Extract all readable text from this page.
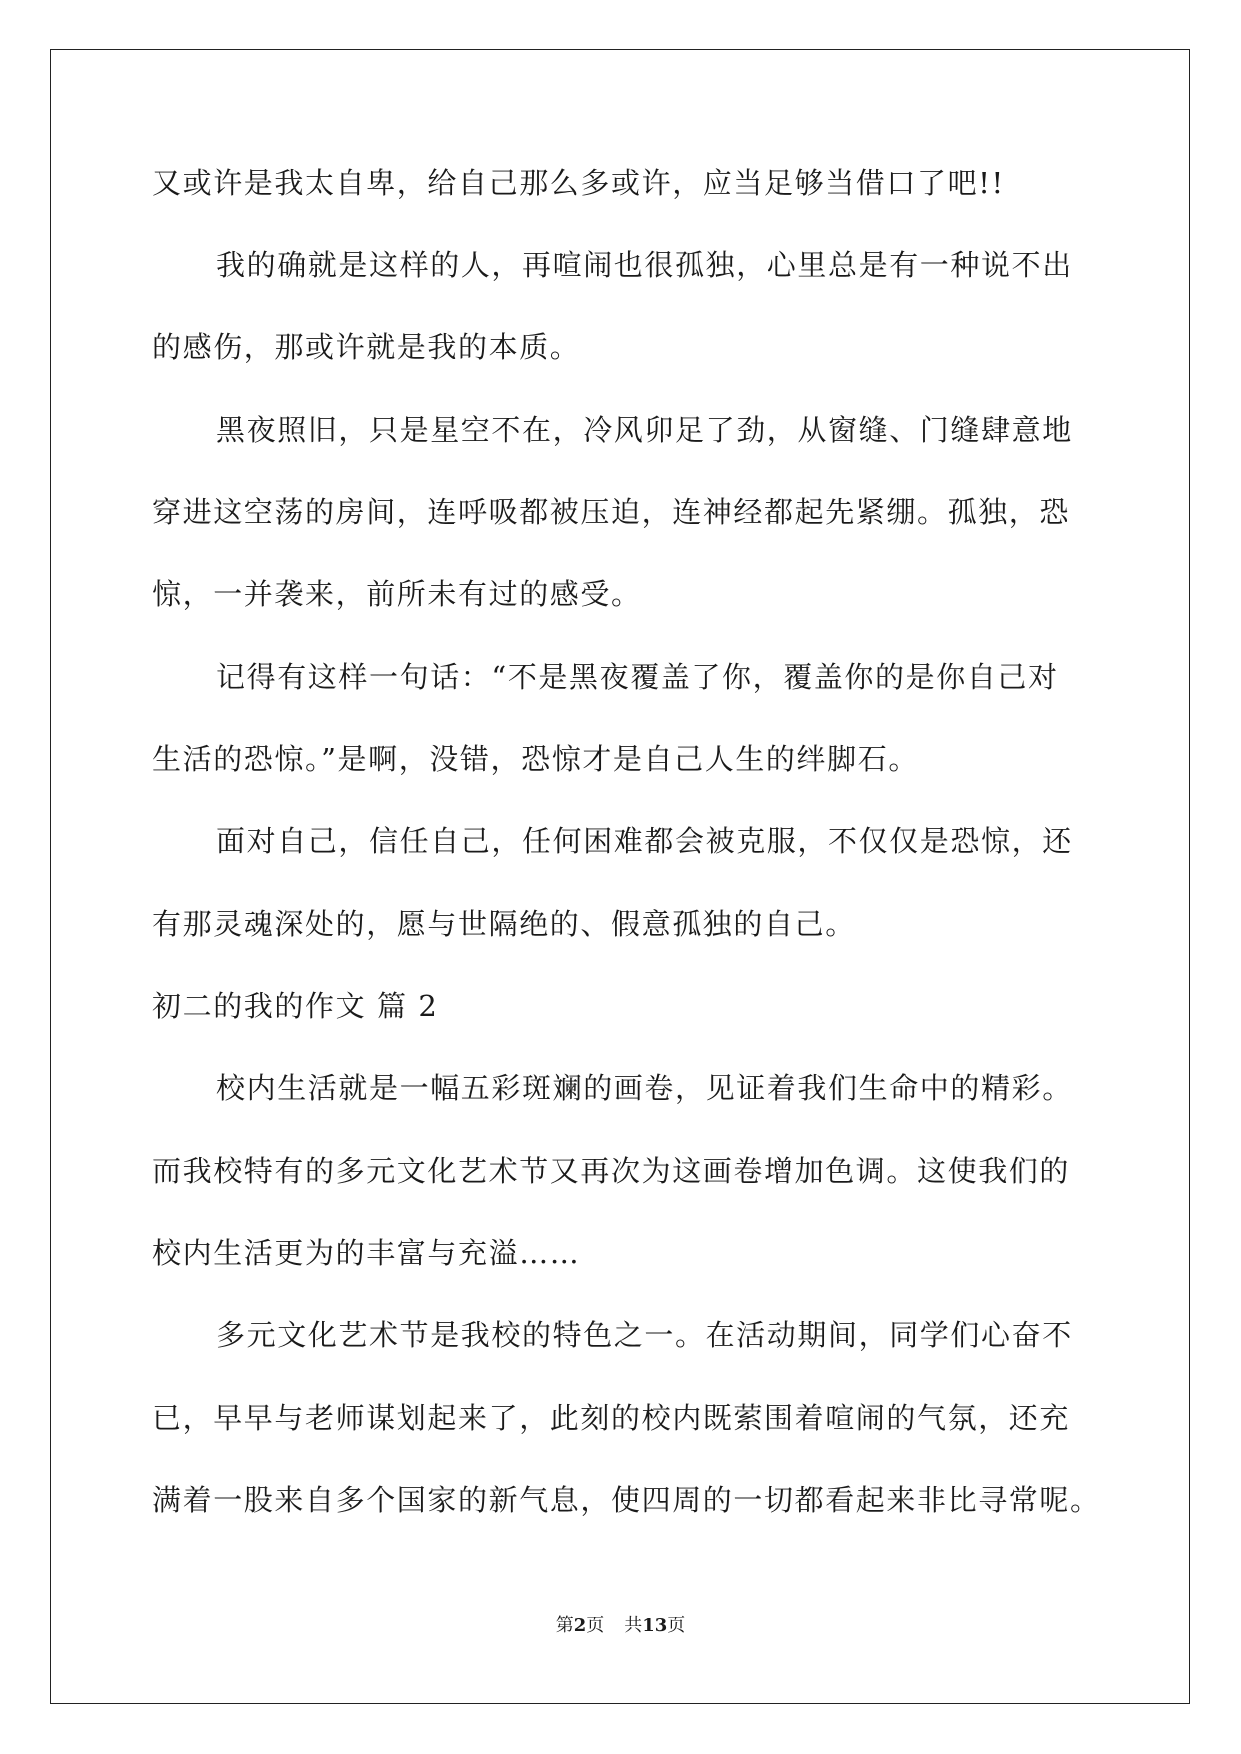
又或许是我太自卑，给自己那么多或许，应当足够当借口了吧!!
我的确就是这样的人，再喧闹也很孤独，心里总是有一种说不出
的感伤，那或许就是我的本质。
黑夜照旧，只是星空不在，冷风卯足了劲，从窗缝、门缝肆意地
穿进这空荡的房间，连呼吸都被压迫，连神经都起先紧绷。孤独，恐
惊，一并袭来，前所未有过的感受。
记得有这样一句话：“不是黑夜覆盖了你，覆盖你的是你自己对
生活的恐惊。”是啊，没错，恐惊才是自己人生的绊脚石。
面对自己，信任自己，任何困难都会被克服，不仅仅是恐惊，还
有那灵魂深处的，愿与世隔绝的、假意孤独的自己。
初二的我的作文 篇 2
校内生活就是一幅五彩斑斓的画卷，见证着我们生命中的精彩。
而我校特有的多元文化艺术节又再次为这画卷增加色调。这使我们的
校内生活更为的丰富与充溢……
多元文化艺术节是我校的特色之一。在活动期间，同学们心奋不
已，早早与老师谋划起来了，此刻的校内既萦围着喧闹的气氛，还充
满着一股来自多个国家的新气息，使四周的一切都看起来非比寻常呢。
第2页 共13页
